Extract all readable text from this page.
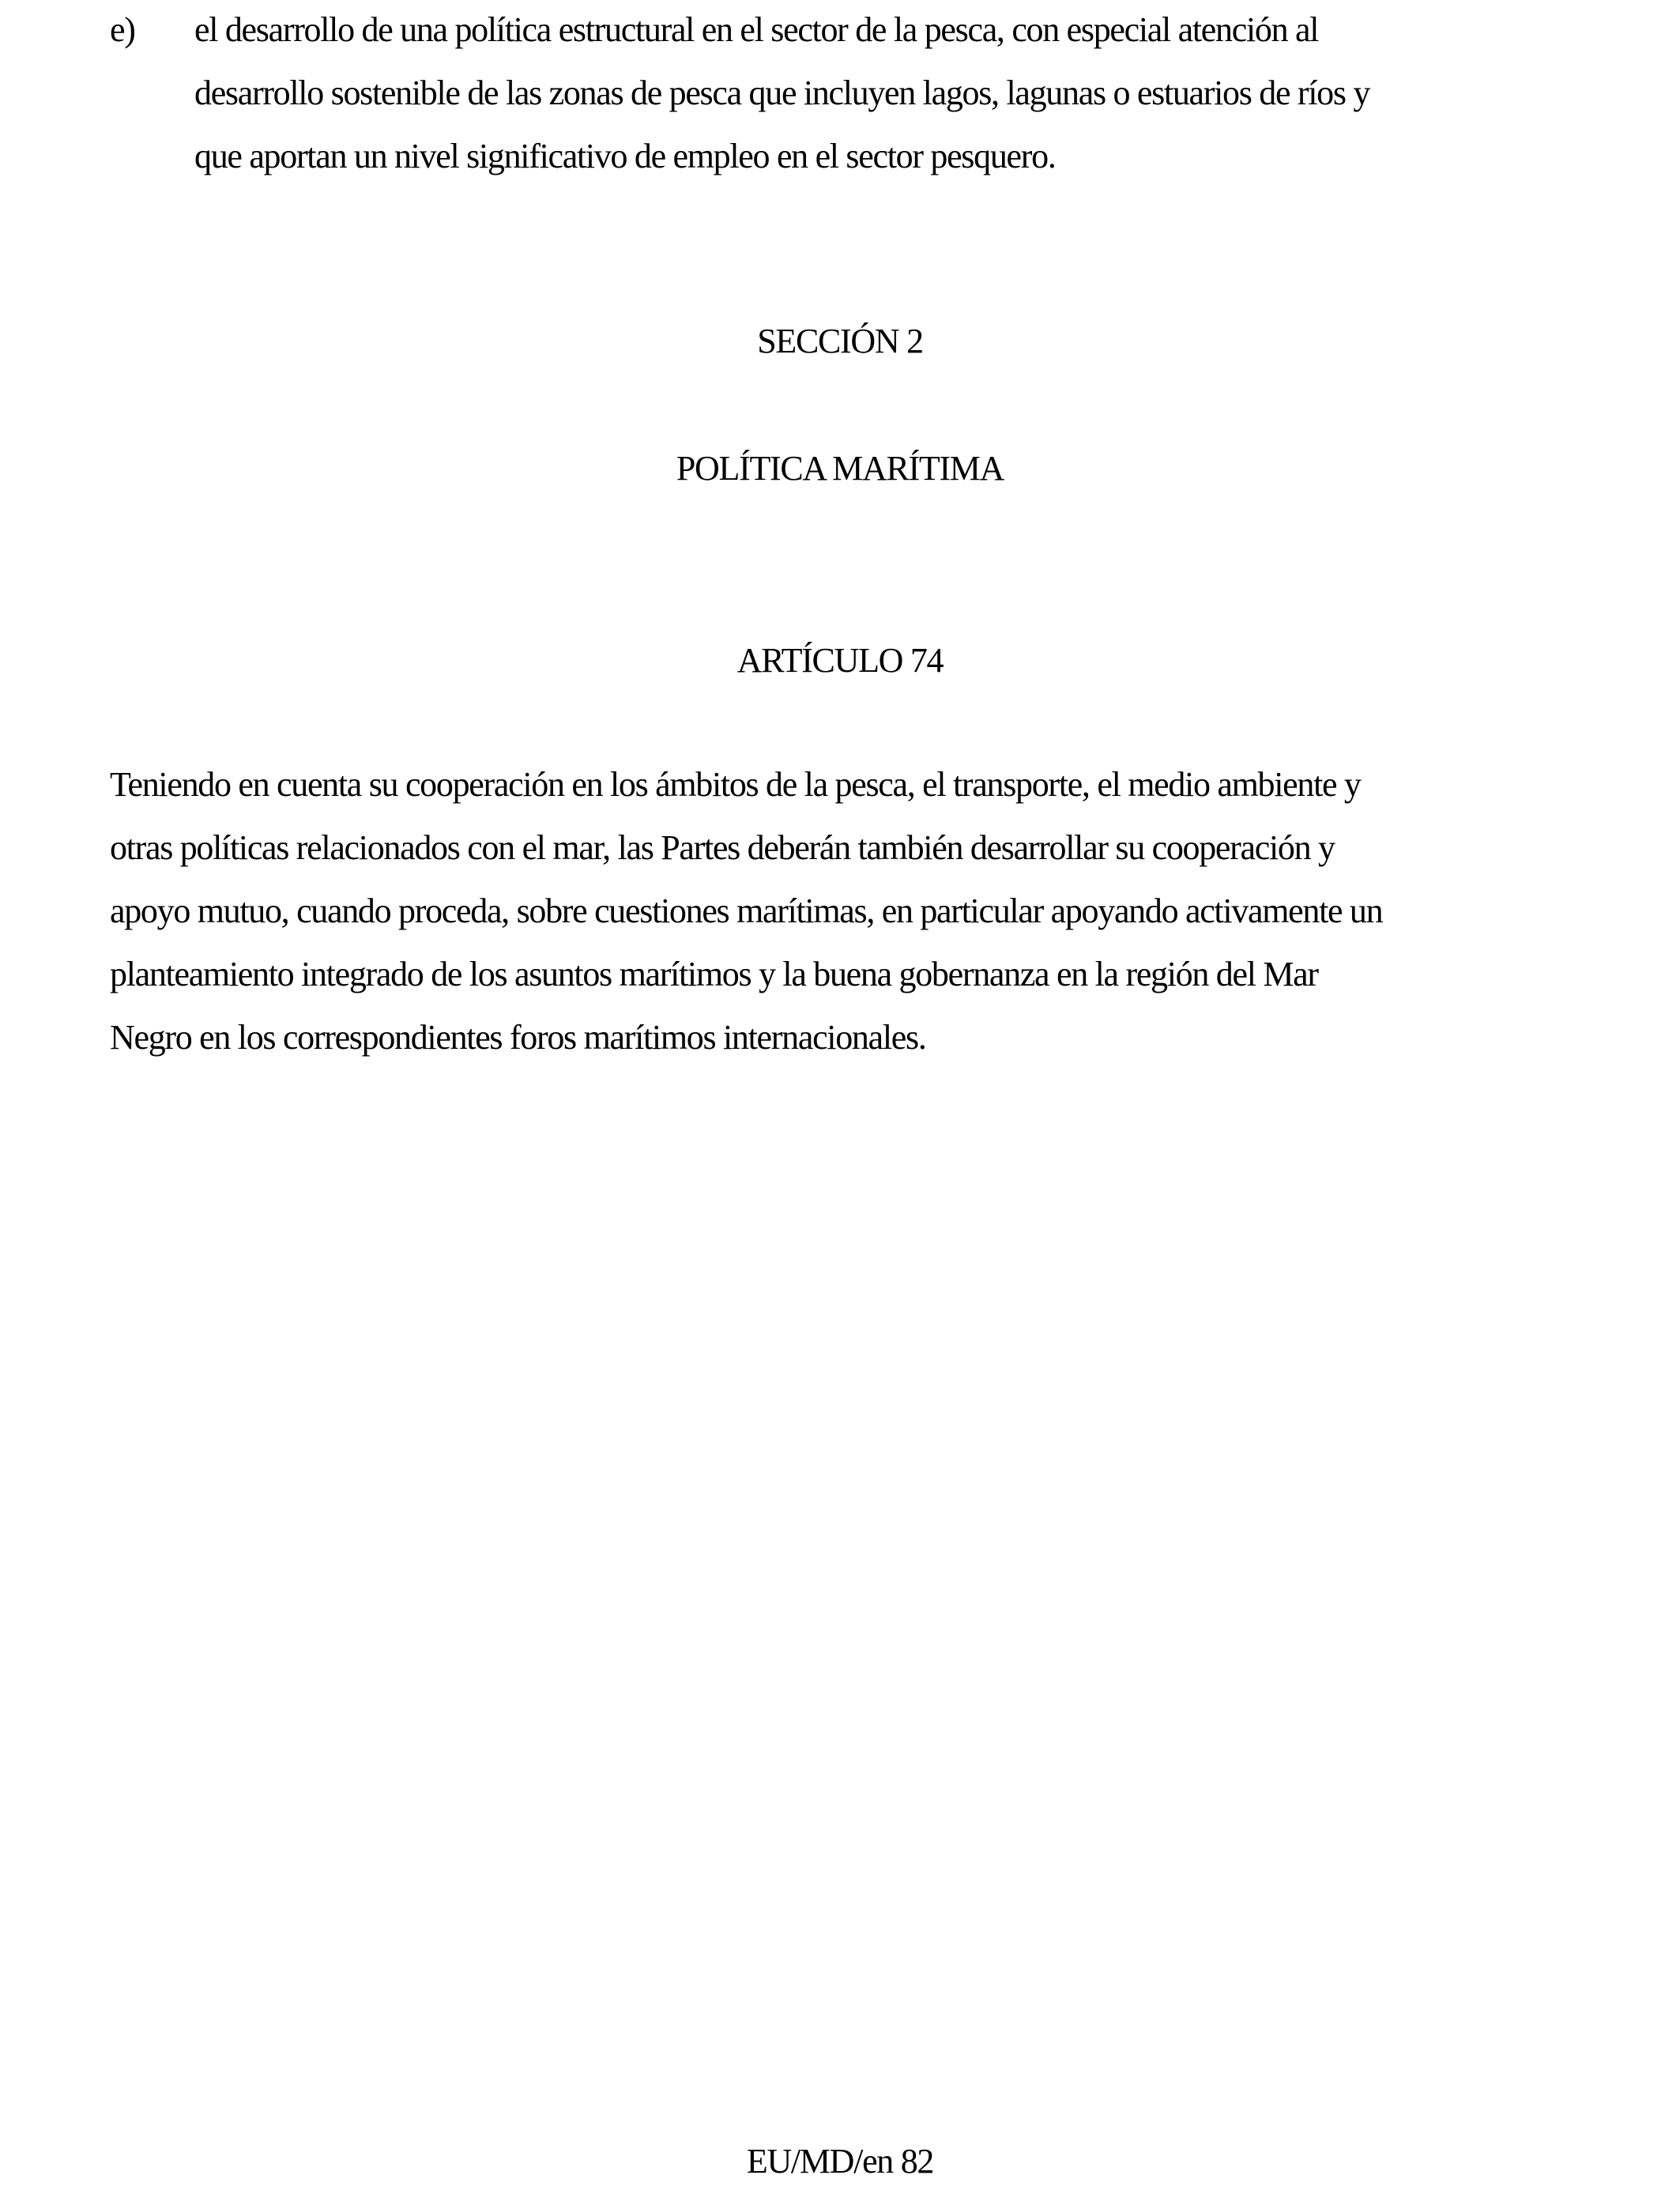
e) el desarrollo de una política estructural en el sector de la pesca, con especial atención al
desarrollo sostenible de las zonas de pesca que incluyen lagos, lagunas o estuarios de ríos y
que aportan un nivel significativo de empleo en el sector pesquero.
SECCIÓN 2
POLÍTICA MARÍTIMA
ARTÍCULO 74
Teniendo en cuenta su cooperación en los ámbitos de la pesca, el transporte, el medio ambiente y
otras políticas relacionados con el mar, las Partes deberán también desarrollar su cooperación y
apoyo mutuo, cuando proceda, sobre cuestiones marítimas, en particular apoyando activamente un
planteamiento integrado de los asuntos marítimos y la buena gobernanza en la región del Mar
Negro en los correspondientes foros marítimos internacionales.
EU/MD/en 82
